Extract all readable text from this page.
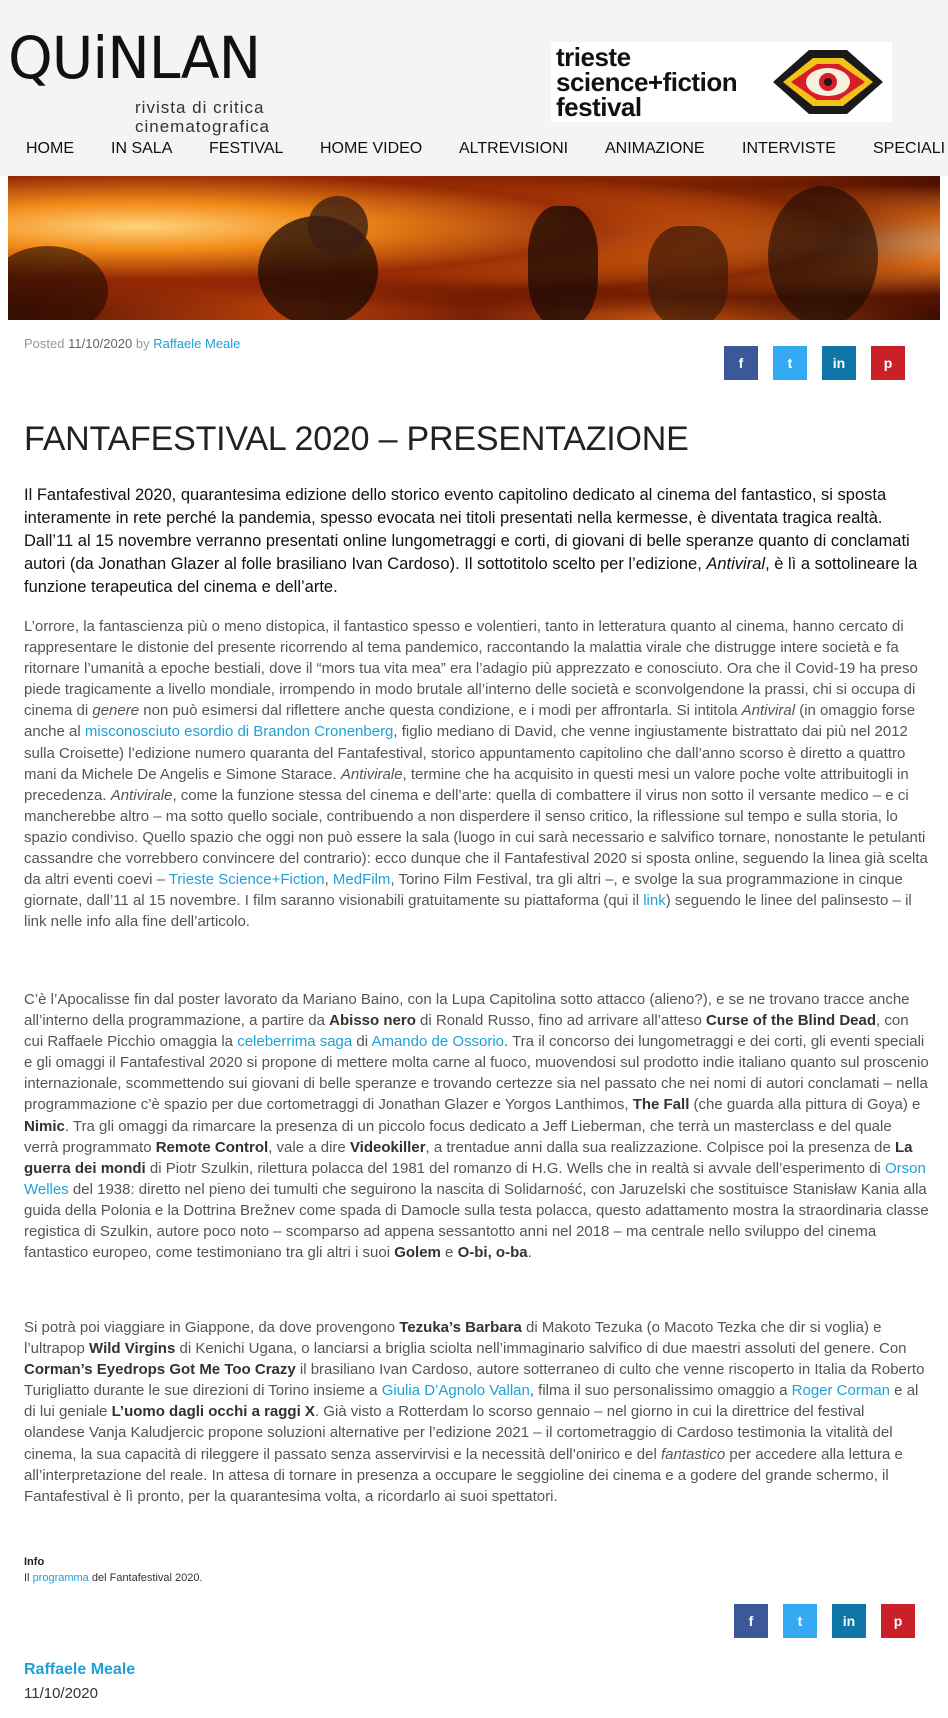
QUiNLAN
rivista di critica
cinematografica
trieste
science+fiction
festival
HOME IN SALA FESTIVAL HOME VIDEO ALTREVISIONI ANIMAZIONE INTERVISTE SPECIALI
Posted 11/10/2020 by Raffaele Meale
f	t	in	p
FANTAFESTIVAL 2020 – PRESENTAZIONE

Il Fantafestival 2020, quarantesima edizione dello storico evento capitolino dedicato al cinema del fantastico, si sposta interamente in rete perché la pandemia, spesso evocata nei titoli presentati nella kermesse, è diventata tragica realtà. Dall’11 al 15 novembre verranno presentati online lungometraggi e corti, di giovani di belle speranze quanto di conclamati autori (da Jonathan Glazer al folle brasiliano Ivan Cardoso). Il sottotitolo scelto per l’edizione, Antiviral, è lì a sottolineare la funzione terapeutica del cinema e dell’arte.

L’orrore, la fantascienza più o meno distopica, il fantastico spesso e volentieri, tanto in letteratura quanto al cinema, hanno cercato di rappresentare le distonie del presente ricorrendo al tema pandemico, raccontando la malattia virale che distrugge intere società e fa ritornare l’umanità a epoche bestiali, dove il “mors tua vita mea” era l’adagio più apprezzato e conosciuto. Ora che il Covid-19 ha preso piede tragicamente a livello mondiale, irrompendo in modo brutale all’interno delle società e sconvolgendone la prassi, chi si occupa di cinema di genere non può esimersi dal riflettere anche questa condizione, e i modi per affrontarla. Si intitola Antiviral (in omaggio forse anche al misconosciuto esordio di Brandon Cronenberg, figlio mediano di David, che venne ingiustamente bistrattato dai più nel 2012 sulla Croisette) l’edizione numero quaranta del Fantafestival, storico appuntamento capitolino che dall’anno scorso è diretto a quattro mani da Michele De Angelis e Simone Starace. Antivirale, termine che ha acquisito in questi mesi un valore poche volte attribuitogli in precedenza. Antivirale, come la funzione stessa del cinema e dell’arte: quella di combattere il virus non sotto il versante medico – e ci mancherebbe altro – ma sotto quello sociale, contribuendo a non disperdere il senso critico, la riflessione sul tempo e sulla storia, lo spazio condiviso. Quello spazio che oggi non può essere la sala (luogo in cui sarà necessario e salvifico tornare, nonostante le petulanti cassandre che vorrebbero convincere del contrario): ecco dunque che il Fantafestival 2020 si sposta online, seguendo la linea già scelta da altri eventi coevi – Trieste Science+Fiction, MedFilm, Torino Film Festival, tra gli altri –, e svolge la sua programmazione in cinque giornate, dall’11 al 15 novembre. I film saranno visionabili gratuitamente su piattaforma (qui il link) seguendo le linee del palinsesto – il link nelle info alla fine dell’articolo.

C’è l’Apocalisse fin dal poster lavorato da Mariano Baino, con la Lupa Capitolina sotto attacco (alieno?), e se ne trovano tracce anche all’interno della programmazione, a partire da Abisso nero di Ronald Russo, fino ad arrivare all’atteso Curse of the Blind Dead, con cui Raffaele Picchio omaggia la celeberrima saga di Amando de Ossorio. Tra il concorso dei lungometraggi e dei corti, gli eventi speciali e gli omaggi il Fantafestival 2020 si propone di mettere molta carne al fuoco, muovendosi sul prodotto indie italiano quanto sul proscenio internazionale, scommettendo sui giovani di belle speranze e trovando certezze sia nel passato che nei nomi di autori conclamati – nella programmazione c’è spazio per due cortometraggi di Jonathan Glazer e Yorgos Lanthimos, The Fall (che guarda alla pittura di Goya) e Nimic. Tra gli omaggi da rimarcare la presenza di un piccolo focus dedicato a Jeff Lieberman, che terrà un masterclass e del quale verrà programmato Remote Control, vale a dire Videokiller, a trentadue anni dalla sua realizzazione. Colpisce poi la presenza de La guerra dei mondi di Piotr Szulkin, rilettura polacca del 1981 del romanzo di H.G. Wells che in realtà si avvale dell’esperimento di Orson Welles del 1938: diretto nel pieno dei tumulti che seguirono la nascita di Solidarność, con Jaruzelski che sostituisce Stanisław Kania alla guida della Polonia e la Dottrina Brežnev come spada di Damocle sulla testa polacca, questo adattamento mostra la straordinaria classe registica di Szulkin, autore poco noto – scomparso ad appena sessantotto anni nel 2018 – ma centrale nello sviluppo del cinema fantastico europeo, come testimoniano tra gli altri i suoi Golem e O-bi, o-ba.

Si potrà poi viaggiare in Giappone, da dove provengono Tezuka’s Barbara di Makoto Tezuka (o Macoto Tezka che dir si voglia) e l’ultrapop Wild Virgins di Kenichi Ugana, o lanciarsi a briglia sciolta nell’immaginario salvifico di due maestri assoluti del genere. Con Corman’s Eyedrops Got Me Too Crazy il brasiliano Ivan Cardoso, autore sotterraneo di culto che venne riscoperto in Italia da Roberto Turigliatto durante le sue direzioni di Torino insieme a Giulia D’Agnolo Vallan, filma il suo personalissimo omaggio a Roger Corman e al di lui geniale L’uomo dagli occhi a raggi X. Già visto a Rotterdam lo scorso gennaio – nel giorno in cui la direttrice del festival olandese Vanja Kaludjercic propone soluzioni alternative per l’edizione 2021 – il cortometraggio di Cardoso testimonia la vitalità del cinema, la sua capacità di rileggere il passato senza asservirvisi e la necessità dell’onirico e del fantastico per accedere alla lettura e all’interpretazione del reale. In attesa di tornare in presenza a occupare le seggioline dei cinema e a godere del grande schermo, il Fantafestival è lì pronto, per la quarantesima volta, a ricordarlo ai suoi spettatori.

Info
Il programma del Fantafestival 2020.
f	t	in	p
Raffaele Meale
11/10/2020
